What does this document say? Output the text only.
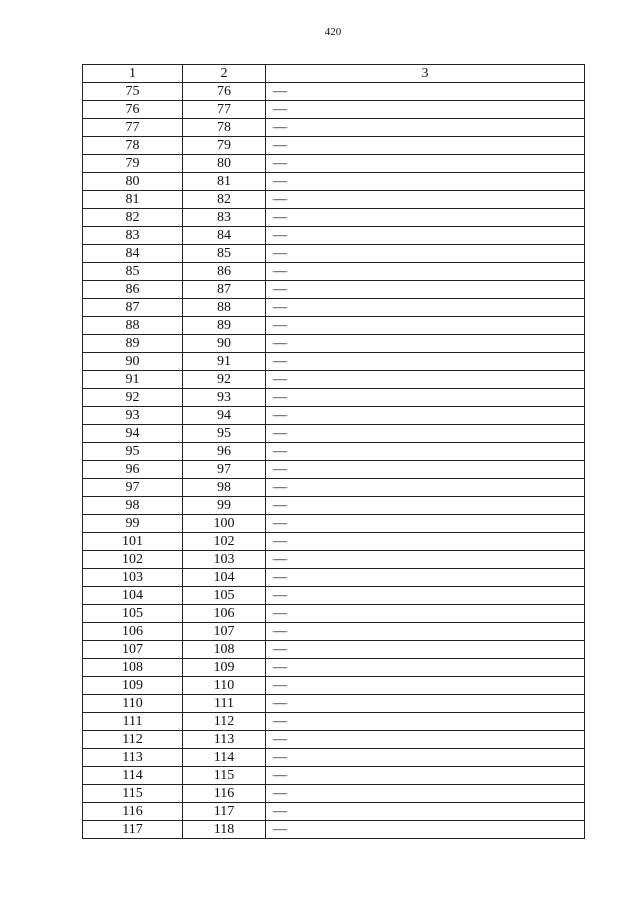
420
1	2	3
75	76	—
76	77	—
77	78	—
78	79	—
79	80	—
80	81	—
81	82	—
82	83	—
83	84	—
84	85	—
85	86	—
86	87	—
87	88	—
88	89	—
89	90	—
90	91	—
91	92	—
92	93	—
93	94	—
94	95	—
95	96	—
96	97	—
97	98	—
98	99	—
99	100	—
101	102	—
102	103	—
103	104	—
104	105	—
105	106	—
106	107	—
107	108	—
108	109	—
109	110	—
110	111	—
111	112	—
112	113	—
113	114	—
114	115	—
115	116	—
116	117	—
117	118	—
